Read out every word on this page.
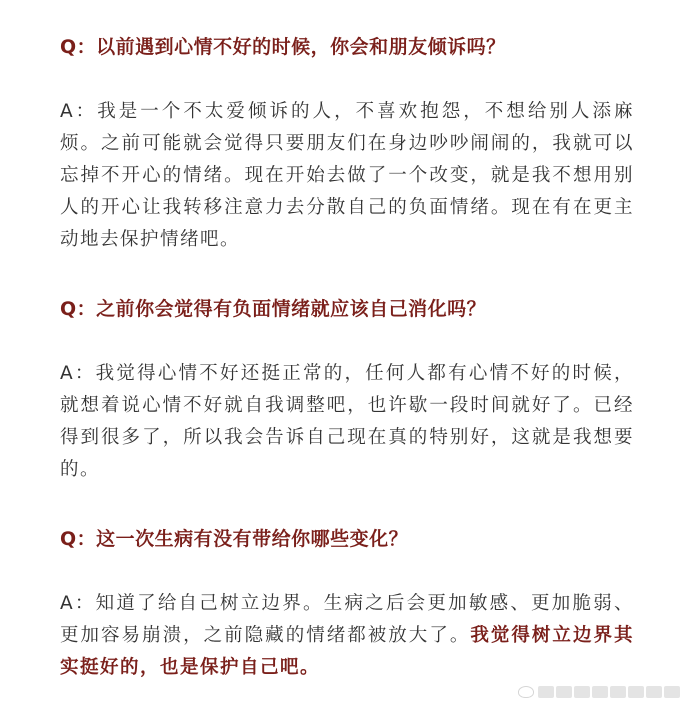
Q：以前遇到心情不好的时候，你会和朋友倾诉吗？

A：我是一个不太爱倾诉的人，不喜欢抱怨，不想给别人添麻烦。之前可能就会觉得只要朋友们在身边吵吵闹闹的，我就可以忘掉不开心的情绪。现在开始去做了一个改变，就是我不想用别人的开心让我转移注意力去分散自己的负面情绪。现在有在更主动地去保护情绪吧。

Q：之前你会觉得有负面情绪就应该自己消化吗？

A：我觉得心情不好还挺正常的，任何人都有心情不好的时候，就想着说心情不好就自我调整吧，也许歇一段时间就好了。已经得到很多了，所以我会告诉自己现在真的特别好，这就是我想要的。

Q：这一次生病有没有带给你哪些变化？

A：知道了给自己树立边界。生病之后会更加敏感、更加脆弱、更加容易崩溃，之前隐藏的情绪都被放大了。我觉得树立边界其实挺好的，也是保护自己吧。
